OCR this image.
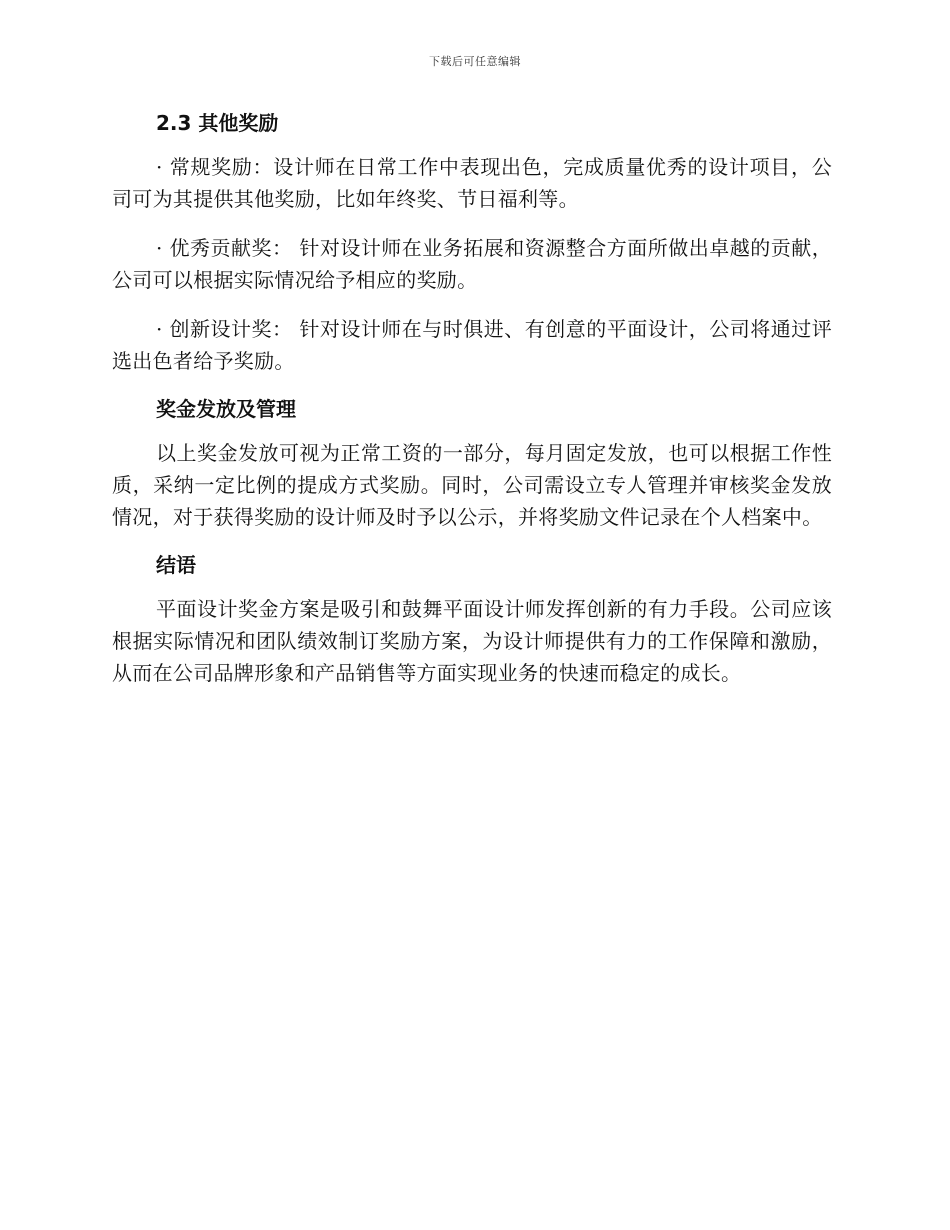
下载后可任意编辑
2.3 其他奖励

· 常规奖励：设计师在日常工作中表现出色，完成质量优秀的设计项目，公司可为其提供其他奖励，比如年终奖、节日福利等。

· 优秀贡献奖： 针对设计师在业务拓展和资源整合方面所做出卓越的贡献，公司可以根据实际情况给予相应的奖励。

· 创新设计奖： 针对设计师在与时俱进、有创意的平面设计，公司将通过评选出色者给予奖励。

奖金发放及管理

以上奖金发放可视为正常工资的一部分，每月固定发放，也可以根据工作性质，采纳一定比例的提成方式奖励。同时，公司需设立专人管理并审核奖金发放情况，对于获得奖励的设计师及时予以公示，并将奖励文件记录在个人档案中。

结语

平面设计奖金方案是吸引和鼓舞平面设计师发挥创新的有力手段。公司应该根据实际情况和团队绩效制订奖励方案，为设计师提供有力的工作保障和激励，从而在公司品牌形象和产品销售等方面实现业务的快速而稳定的成长。
